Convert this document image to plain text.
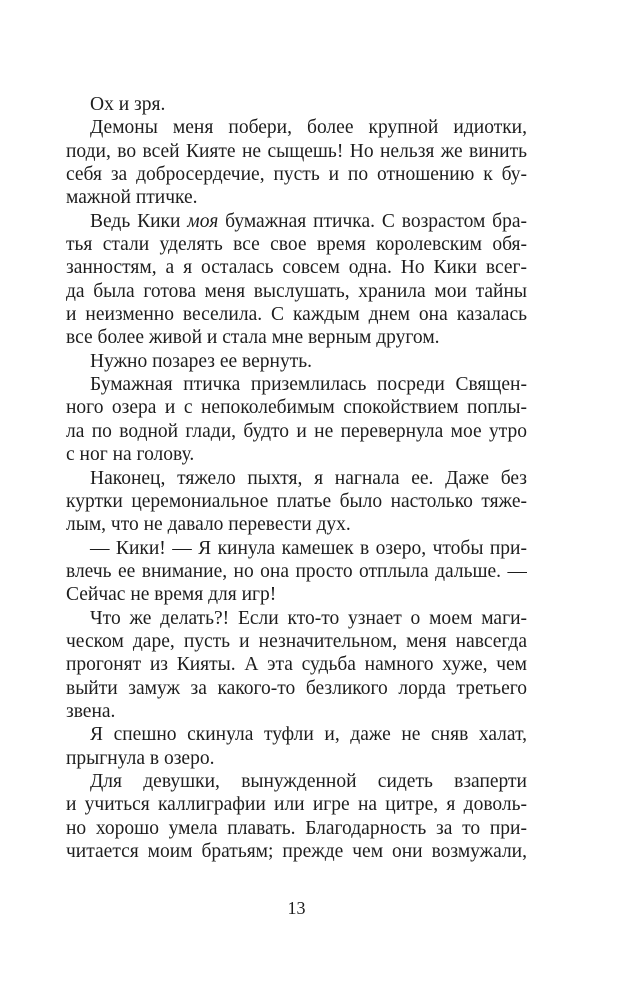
Ох и зря.
Демоны меня побери, более крупной идиотки,
поди, во всей Кияте не сыщешь! Но нельзя же винить
себя за добросердечие, пусть и по отношению к бу-
мажной птичке.
Ведь Кики моя бумажная птичка. С возрастом бра-
тья стали уделять все свое время королевским обя-
занностям, а я осталась совсем одна. Но Кики всег-
да была готова меня выслушать, хранила мои тайны
и неизменно веселила. С каждым днем она казалась
все более живой и стала мне верным другом.
Нужно позарез ее вернуть.
Бумажная птичка приземлилась посреди Священ-
ного озера и с непоколебимым спокойствием поплы-
ла по водной глади, будто и не перевернула мое утро
с ног на голову.
Наконец, тяжело пыхтя, я нагнала ее. Даже без
куртки церемониальное платье было настолько тяже-
лым, что не давало перевести дух.
— Кики! — Я кинула камешек в озеро, чтобы при-
влечь ее внимание, но она просто отплыла дальше. —
Сейчас не время для игр!
Что же делать?! Если кто-то узнает о моем маги-
ческом даре, пусть и незначительном, меня навсегда
прогонят из Кияты. А эта судьба намного хуже, чем
выйти замуж за какого-то безликого лорда третьего
звена.
Я спешно скинула туфли и, даже не сняв халат,
прыгнула в озеро.
Для девушки, вынужденной сидеть взаперти
и учиться каллиграфии или игре на цитре, я доволь-
но хорошо умела плавать. Благодарность за то при-
читается моим братьям; прежде чем они возмужали,
13
